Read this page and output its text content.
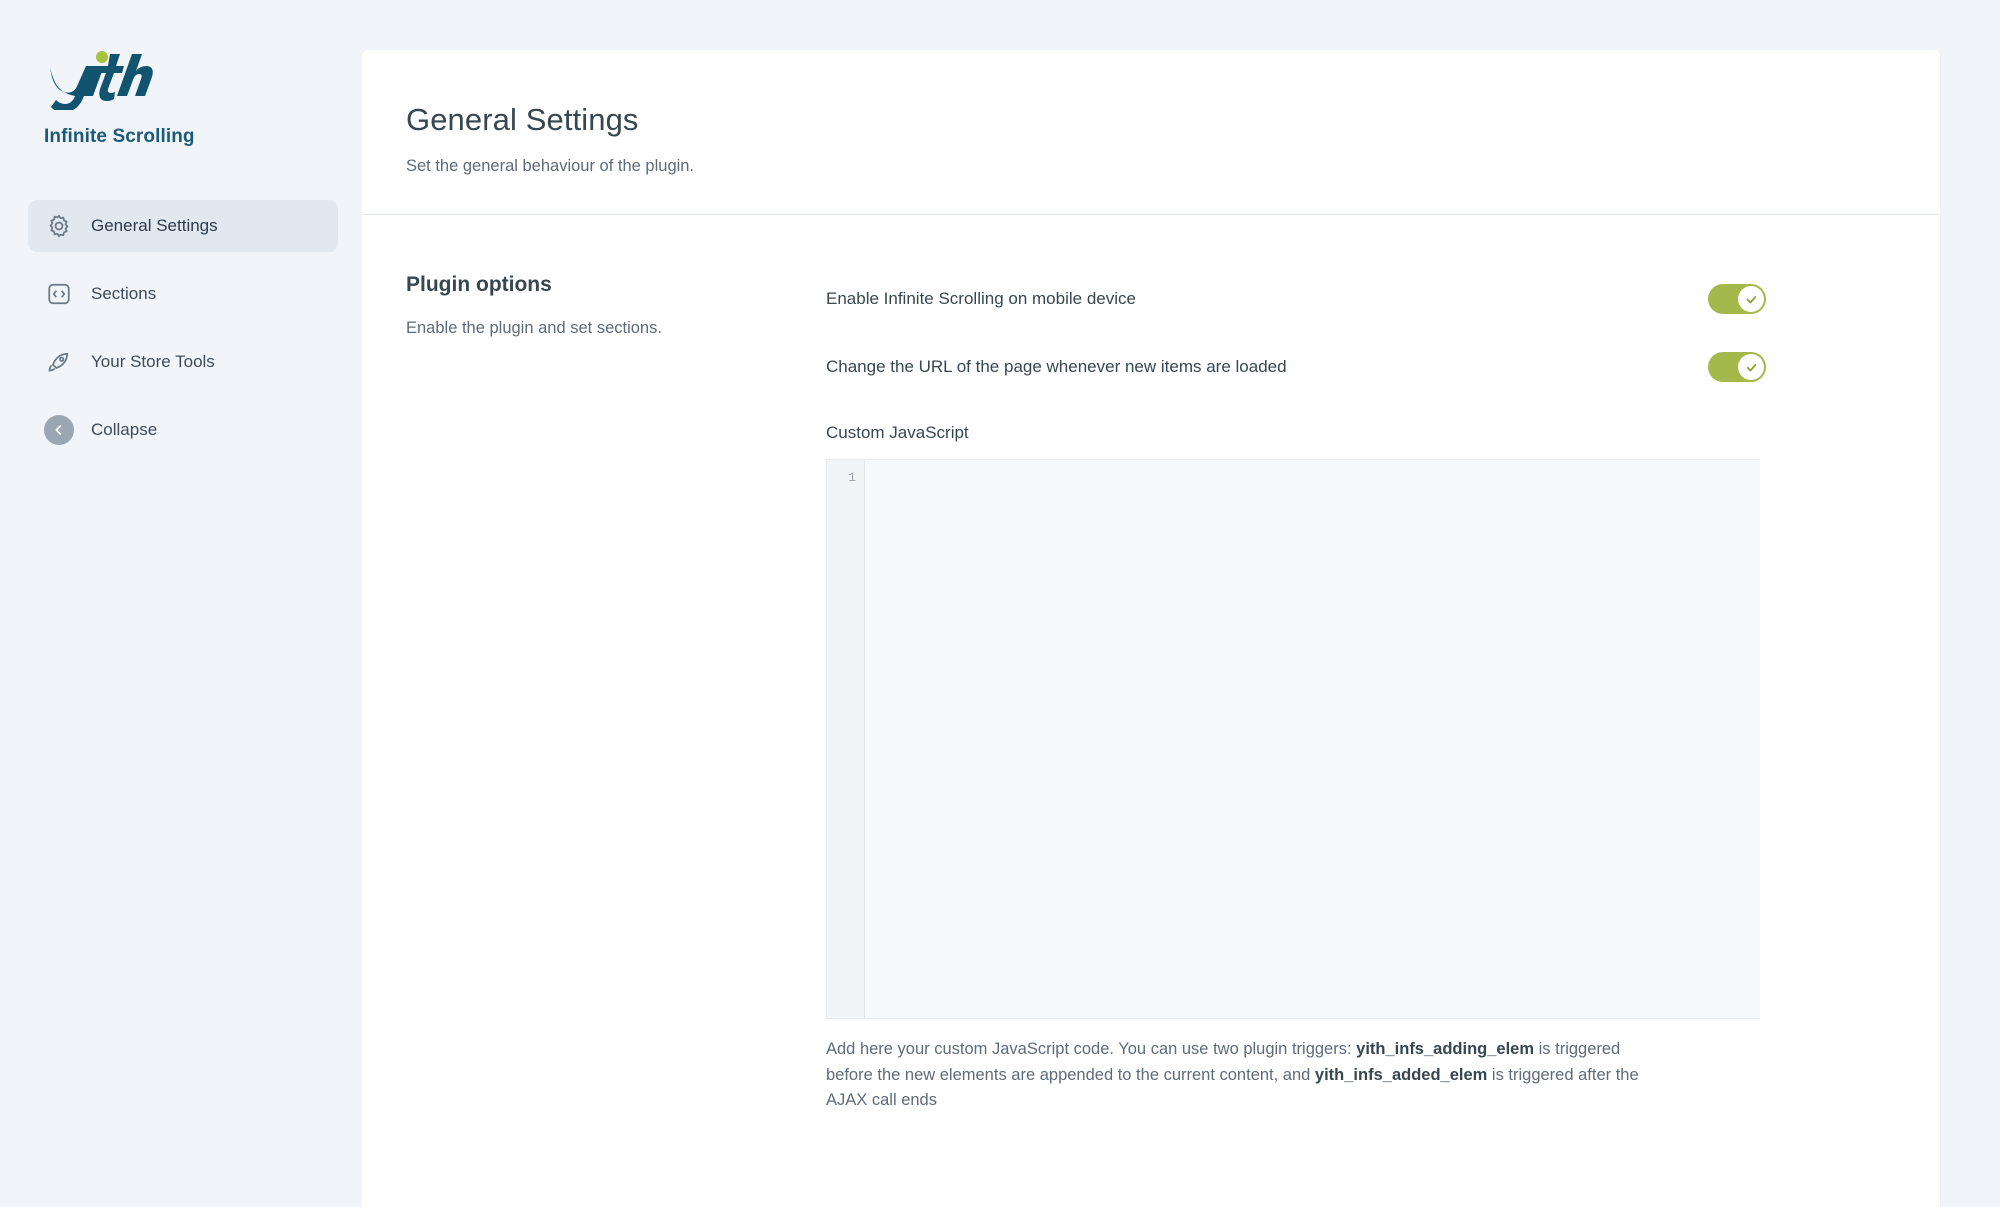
Infinite Scrolling
General Settings
Sections
Your Store Tools
Collapse
General Settings
Set the general behaviour of the plugin.
Plugin options
Enable the plugin and set sections.
Enable Infinite Scrolling on mobile device
Change the URL of the page whenever new items are loaded
Custom JavaScript
1
Add here your custom JavaScript code. You can use two plugin triggers: yith_infs_adding_elem is triggered before the new elements are appended to the current content, and yith_infs_added_elem is triggered after the AJAX call ends
